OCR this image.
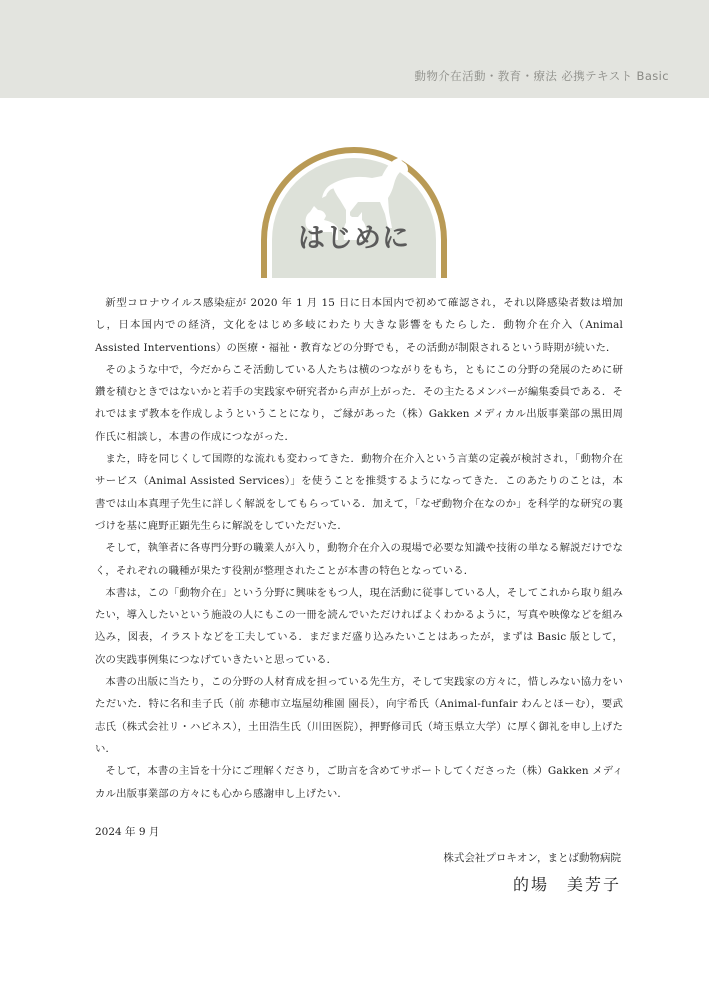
動物介在活動・教育・療法 必携テキスト Basic
はじめに

新型コロナウイルス感染症が 2020 年 1 月 15 日に日本国内で初めて確認され，それ以降感染者数は増加し，日本国内での経済，文化をはじめ多岐にわたり大きな影響をもたらした．動物介在介入（Animal Assisted Interventions）の医療・福祉・教育などの分野でも，その活動が制限されるという時期が続いた．

そのような中で，今だからこそ活動している人たちは横のつながりをもち，ともにこの分野の発展のために研鑽を積むときではないかと若手の実践家や研究者から声が上がった．その主たるメンバーが編集委員である．それではまず教本を作成しようということになり，ご縁があった（株）Gakken メディカル出版事業部の黒田周作氏に相談し，本書の作成につながった．

また，時を同じくして国際的な流れも変わってきた．動物介在介入という言葉の定義が検討され，「動物介在サービス（Animal Assisted Services）」を使うことを推奨するようになってきた．このあたりのことは，本書では山本真理子先生に詳しく解説をしてもらっている．加えて，「なぜ動物介在なのか」を科学的な研究の裏づけを基に鹿野正顕先生らに解説をしていただいた．

そして，執筆者に各専門分野の職業人が入り，動物介在介入の現場で必要な知識や技術の単なる解説だけでなく，それぞれの職種が果たす役割が整理されたことが本書の特色となっている．

本書は，この「動物介在」という分野に興味をもつ人，現在活動に従事している人，そしてこれから取り組みたい，導入したいという施設の人にもこの一冊を読んでいただければよくわかるように，写真や映像などを組み込み，図表，イラストなどを工夫している．まだまだ盛り込みたいことはあったが，まずは Basic 版として，次の実践事例集につなげていきたいと思っている．

本書の出版に当たり，この分野の人材育成を担っている先生方，そして実践家の方々に，惜しみない協力をいただいた．特に名和圭子氏（前 赤穂市立塩屋幼稚園 園長），向宇希氏（Animal-funfair わんとほーむ），要武志氏（株式会社リ・ハピネス），土田浩生氏（川田医院），押野修司氏（埼玉県立大学）に厚く御礼を申し上げたい．

そして，本書の主旨を十分にご理解くださり，ご助言を含めてサポートしてくださった（株）Gakken メディカル出版事業部の方々にも心から感謝申し上げたい．

2024 年 9 月
株式会社プロキオン，まとば動物病院
的場　美芳子
